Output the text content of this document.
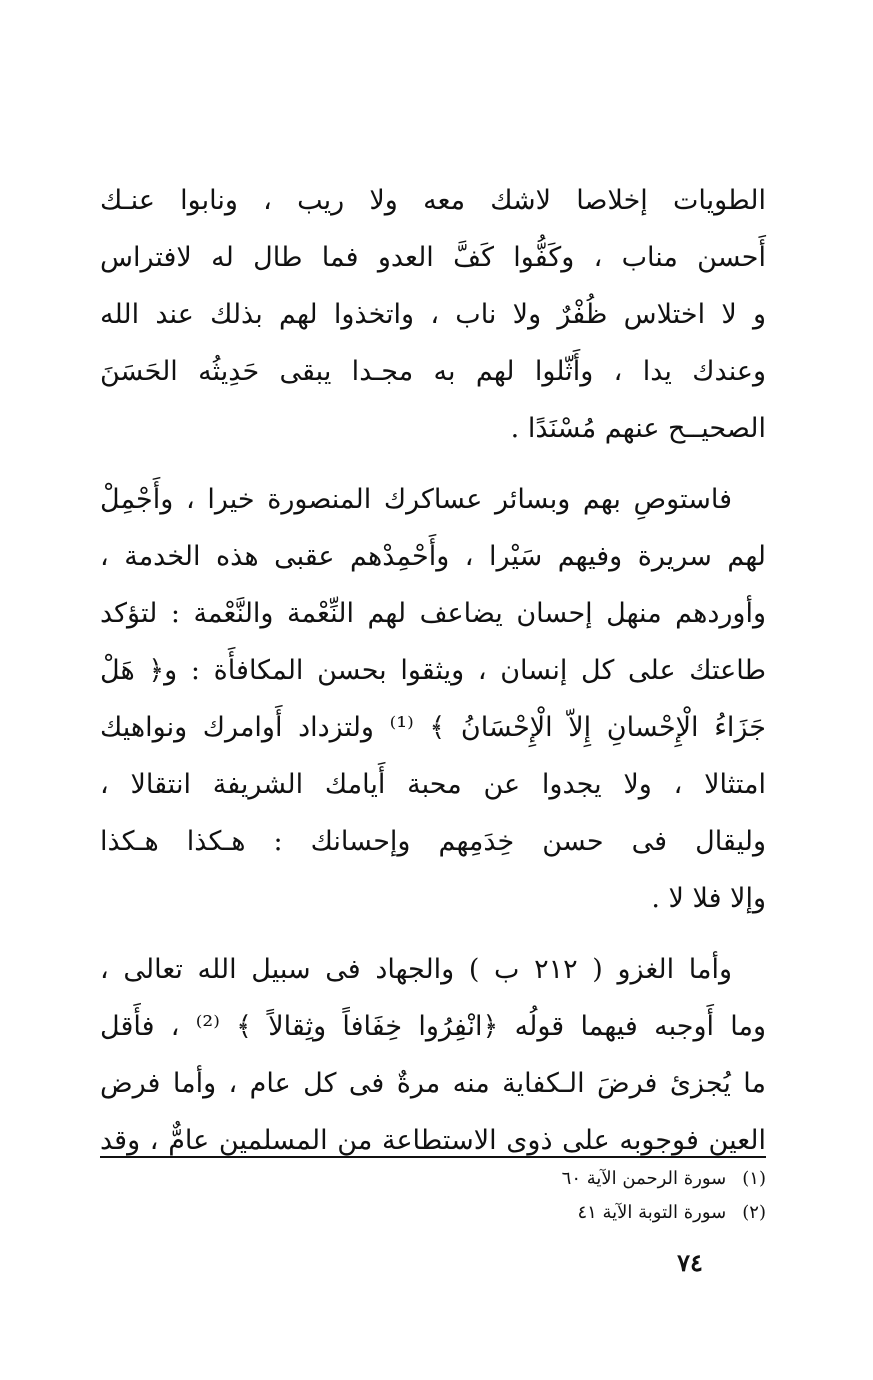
الطويات إخلاصا لاشك معه ولا ريب ، ونابوا عنـك
أَحسن مناب ، وكَفُّوا كَفَّ العدو فما طال له لافتراس
و لا اختلاس ظُفْرٌ ولا ناب ، واتخذوا لهم بذلك عند الله
وعندك يدا ، وأَثّلوا لهم به مجـدا يبقى حَدِيثُه الحَسَنَ
الصحيــح عنهم مُسْنَدًا .

فاستوصِ بهم وبسائر عساكرك المنصورة خيرا ، وأَجْمِلْ
لهم سريرة وفيهم سَيْرا ، وأَحْمِدْهم عقبى هذه الخدمة ،
وأوردهم منهل إحسان يضاعف لهم النِّعْمة والنَّعْمة : لتؤكد
طاعتك على كل إنسان ، ويثقوا بحسن المكافأَة : و﴿ هَلْ
جَزَاءُ الْإِحْسانِ إِلاّ الْإِحْسَانُ ﴾ ⁽¹⁾ ولتزداد أَوامرك ونواهيك
امتثالا ، ولا يجدوا عن محبة أَيامك الشريفة انتقالا ،
وليقال فى حسن خِدَمِهم وإحسانك : هـكذا هـكذا
وإلا فلا لا .

وأما الغزو ( ٢١٢ ب ) والجهاد فى سبيل الله تعالى ،
وما أَوجبه فيهما قولُه ﴿انْفِرُوا خِفَافاً وثِقالاً ﴾ ⁽²⁾ ، فأَقل
ما يُجزئ فرضَ الـكفاية منه مرةٌ فى كل عام ، وأما فرض
العين فوجوبه على ذوى الاستطاعة من المسلمين عامٌّ ، وقد

(١) سورة الرحمن الآية ٦٠
(٢) سورة التوبة الآية ٤١
٧٤
